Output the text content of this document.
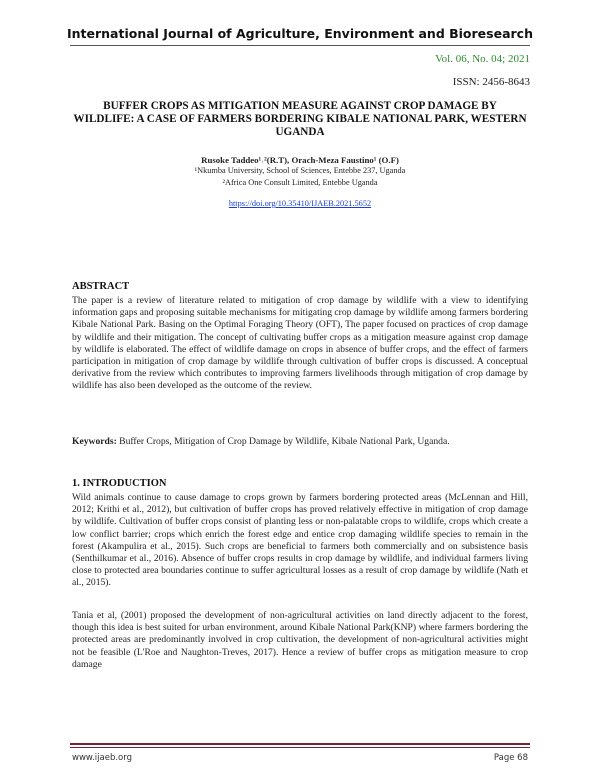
International Journal of Agriculture, Environment and Bioresearch
Vol. 06, No. 04; 2021
ISSN: 2456-8643
BUFFER CROPS AS MITIGATION MEASURE AGAINST CROP DAMAGE BY WILDLIFE: A CASE OF FARMERS BORDERING KIBALE NATIONAL PARK, WESTERN UGANDA
Rusoke Taddeo¹˒²(R.T), Orach-Meza Faustino¹ (O.F)
¹Nkumba University, School of Sciences, Entebbe 237, Uganda
²Africa One Consult Limited, Entebbe Uganda
https://doi.org/10.35410/IJAEB.2021.5652
ABSTRACT
The paper is a review of literature related to mitigation of crop damage by wildlife with a view to identifying information gaps and proposing suitable mechanisms for mitigating crop damage by wildlife among farmers bordering Kibale National Park. Basing on the Optimal Foraging Theory (OFT), The paper focused on practices of crop damage by wildlife and their mitigation. The concept of cultivating buffer crops as a mitigation measure against crop damage by wildlife is elaborated. The effect of wildlife damage on crops in absence of buffer crops, and the effect of farmers participation in mitigation of crop damage by wildlife through cultivation of buffer crops is discussed. A conceptual derivative from the review which contributes to improving farmers livelihoods through mitigation of crop damage by wildlife has also been developed as the outcome of the review.
Keywords: Buffer Crops, Mitigation of Crop Damage by Wildlife, Kibale National Park, Uganda.
1. INTRODUCTION
Wild animals continue to cause damage to crops grown by farmers bordering protected areas (McLennan and Hill, 2012; Krithi et al., 2012), but cultivation of buffer crops has proved relatively effective in mitigation of crop damage by wildlife. Cultivation of buffer crops consist of planting less or non-palatable crops to wildlife, crops which create a low conflict barrier; crops which enrich the forest edge and entice crop damaging wildlife species to remain in the forest (Akampulira et al., 2015). Such crops are beneficial to farmers both commercially and on subsistence basis (Senthilkumar et al., 2016). Absence of buffer crops results in crop damage by wildlife, and individual farmers living close to protected area boundaries continue to suffer agricultural losses as a result of crop damage by wildlife (Nath et al., 2015).
Tania et al, (2001) proposed the development of non-agricultural activities on land directly adjacent to the forest, though this idea is best suited for urban environment, around Kibale National Park(KNP) where farmers bordering the protected areas are predominantly involved in crop cultivation, the development of non-agricultural activities might not be feasible (L'Roe and Naughton-Treves, 2017). Hence a review of buffer crops as mitigation measure to crop damage
www.ijaeb.org	Page 68
